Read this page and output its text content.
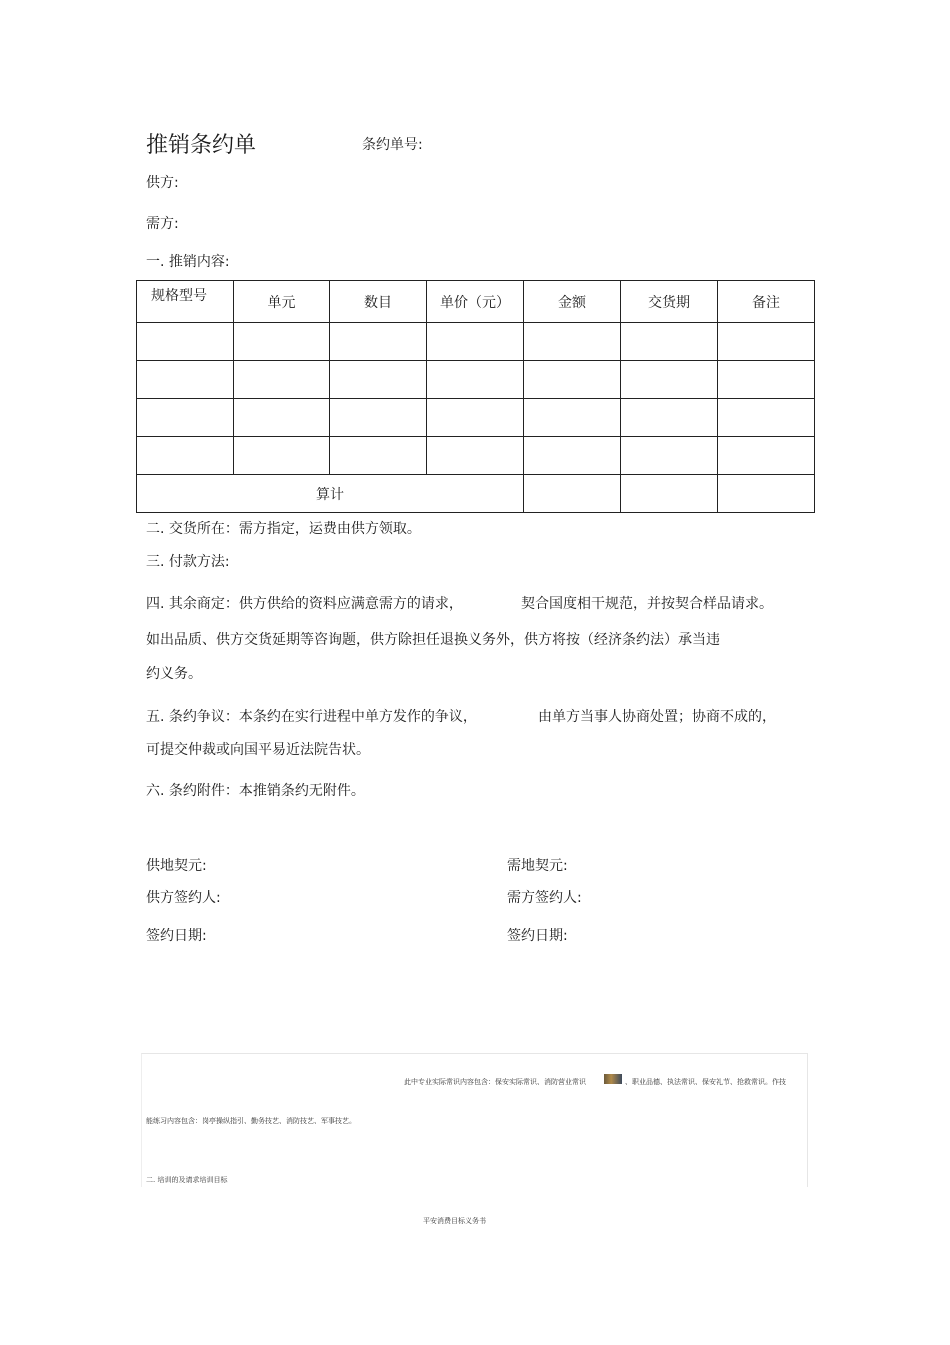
推销条约单	条约单号:
供方:
需方:
一. 推销内容:
规格型号	单元	数目	单价（元）	金额	交货期	备注

算计						
二. 交货所在：需方指定，运费由供方领取。
三. 付款方法:
四. 其余商定：供方供给的资料应满意需方的请求，	契合国度相干规范，并按契合样品请求。
如出品质、供方交货延期等咨询题，供方除担任退换义务外，供方将按（经济条约法）承当违
约义务。
五. 条约争议：本条约在实行进程中单方发作的争议，	由单方当事人协商处置；协商不成的，
可提交仲裁或向国平易近法院告状。
六. 条约附件：本推销条约无附件。
供地契元:	需地契元:
供方签约人:	需方签约人:
签约日期:	签约日期:
此中专业实际常识内容包含：保安实际常识、消防营业常识	、职业品德、执法常识、保安礼节、抢救常识。作技
能练习内容包含：岗亭操纵指引、勤务技艺、消防技艺、军事技艺。
二. 培训的及请求培训目标
平安消费目标义务书
